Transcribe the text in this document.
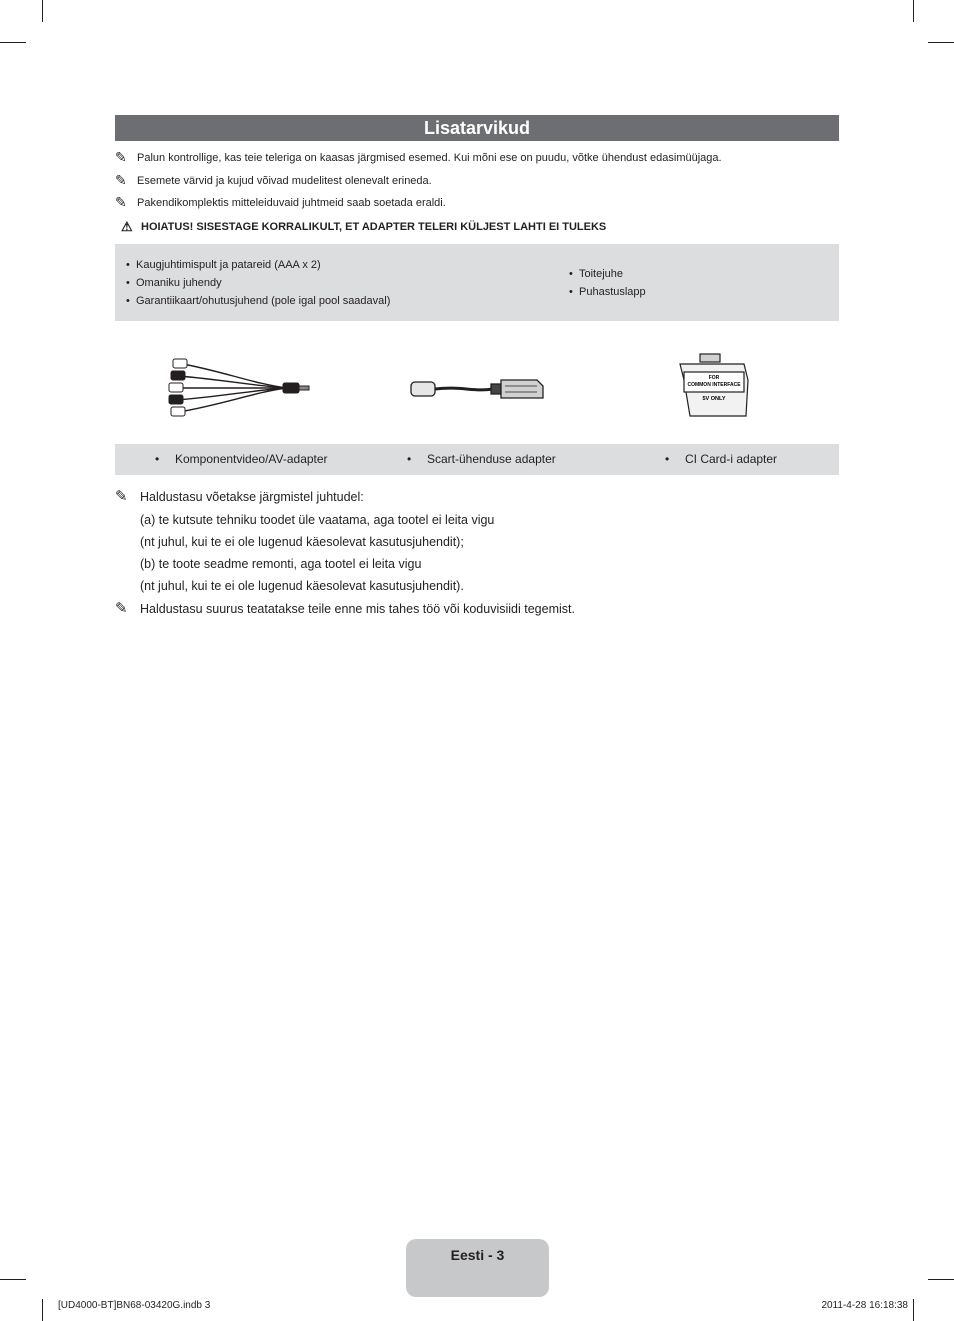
Lisatarvikud
✎ Palun kontrollige, kas teie teleriga on kaasas järgmised esemed. Kui mõni ese on puudu, võtke ühendust edasimüüjaga.
✎ Esemete värvid ja kujud võivad mudelitest olenevalt erineda.
✎ Pakendikomplektis mitteleiduvaid juhtmeid saab soetada eraldi.
⚠ HOIATUS! SISESTAGE KORRALIKULT, ET ADAPTER TELERI KÜLJEST LAHTI EI TULEKS
• Kaugjuhtimispult ja patareid (AAA x 2)
• Omaniku juhendy
• Garantiikaart/ohutusjuhend (pole igal pool saadaval)
• Toitejuhe
• Puhastuslapp
FOR
COMMON INTERFACE
5V ONLY
•	Komponentvideo/AV-adapter	•	Scart-ühenduse adapter	•	CI Card-i adapter
✎ Haldustasu võetakse järgmistel juhtudel:
(a) te kutsute tehniku toodet üle vaatama, aga tootel ei leita vigu
(nt juhul, kui te ei ole lugenud käesolevat kasutusjuhendit);
(b) te toote seadme remonti, aga tootel ei leita vigu
(nt juhul, kui te ei ole lugenud käesolevat kasutusjuhendit).
✎ Haldustasu suurus teatatakse teile enne mis tahes töö või koduvisiidi tegemist.
Eesti - 3
[UD4000-BT]BN68-03420G.indb 3	2011-4-28 16:18:38
